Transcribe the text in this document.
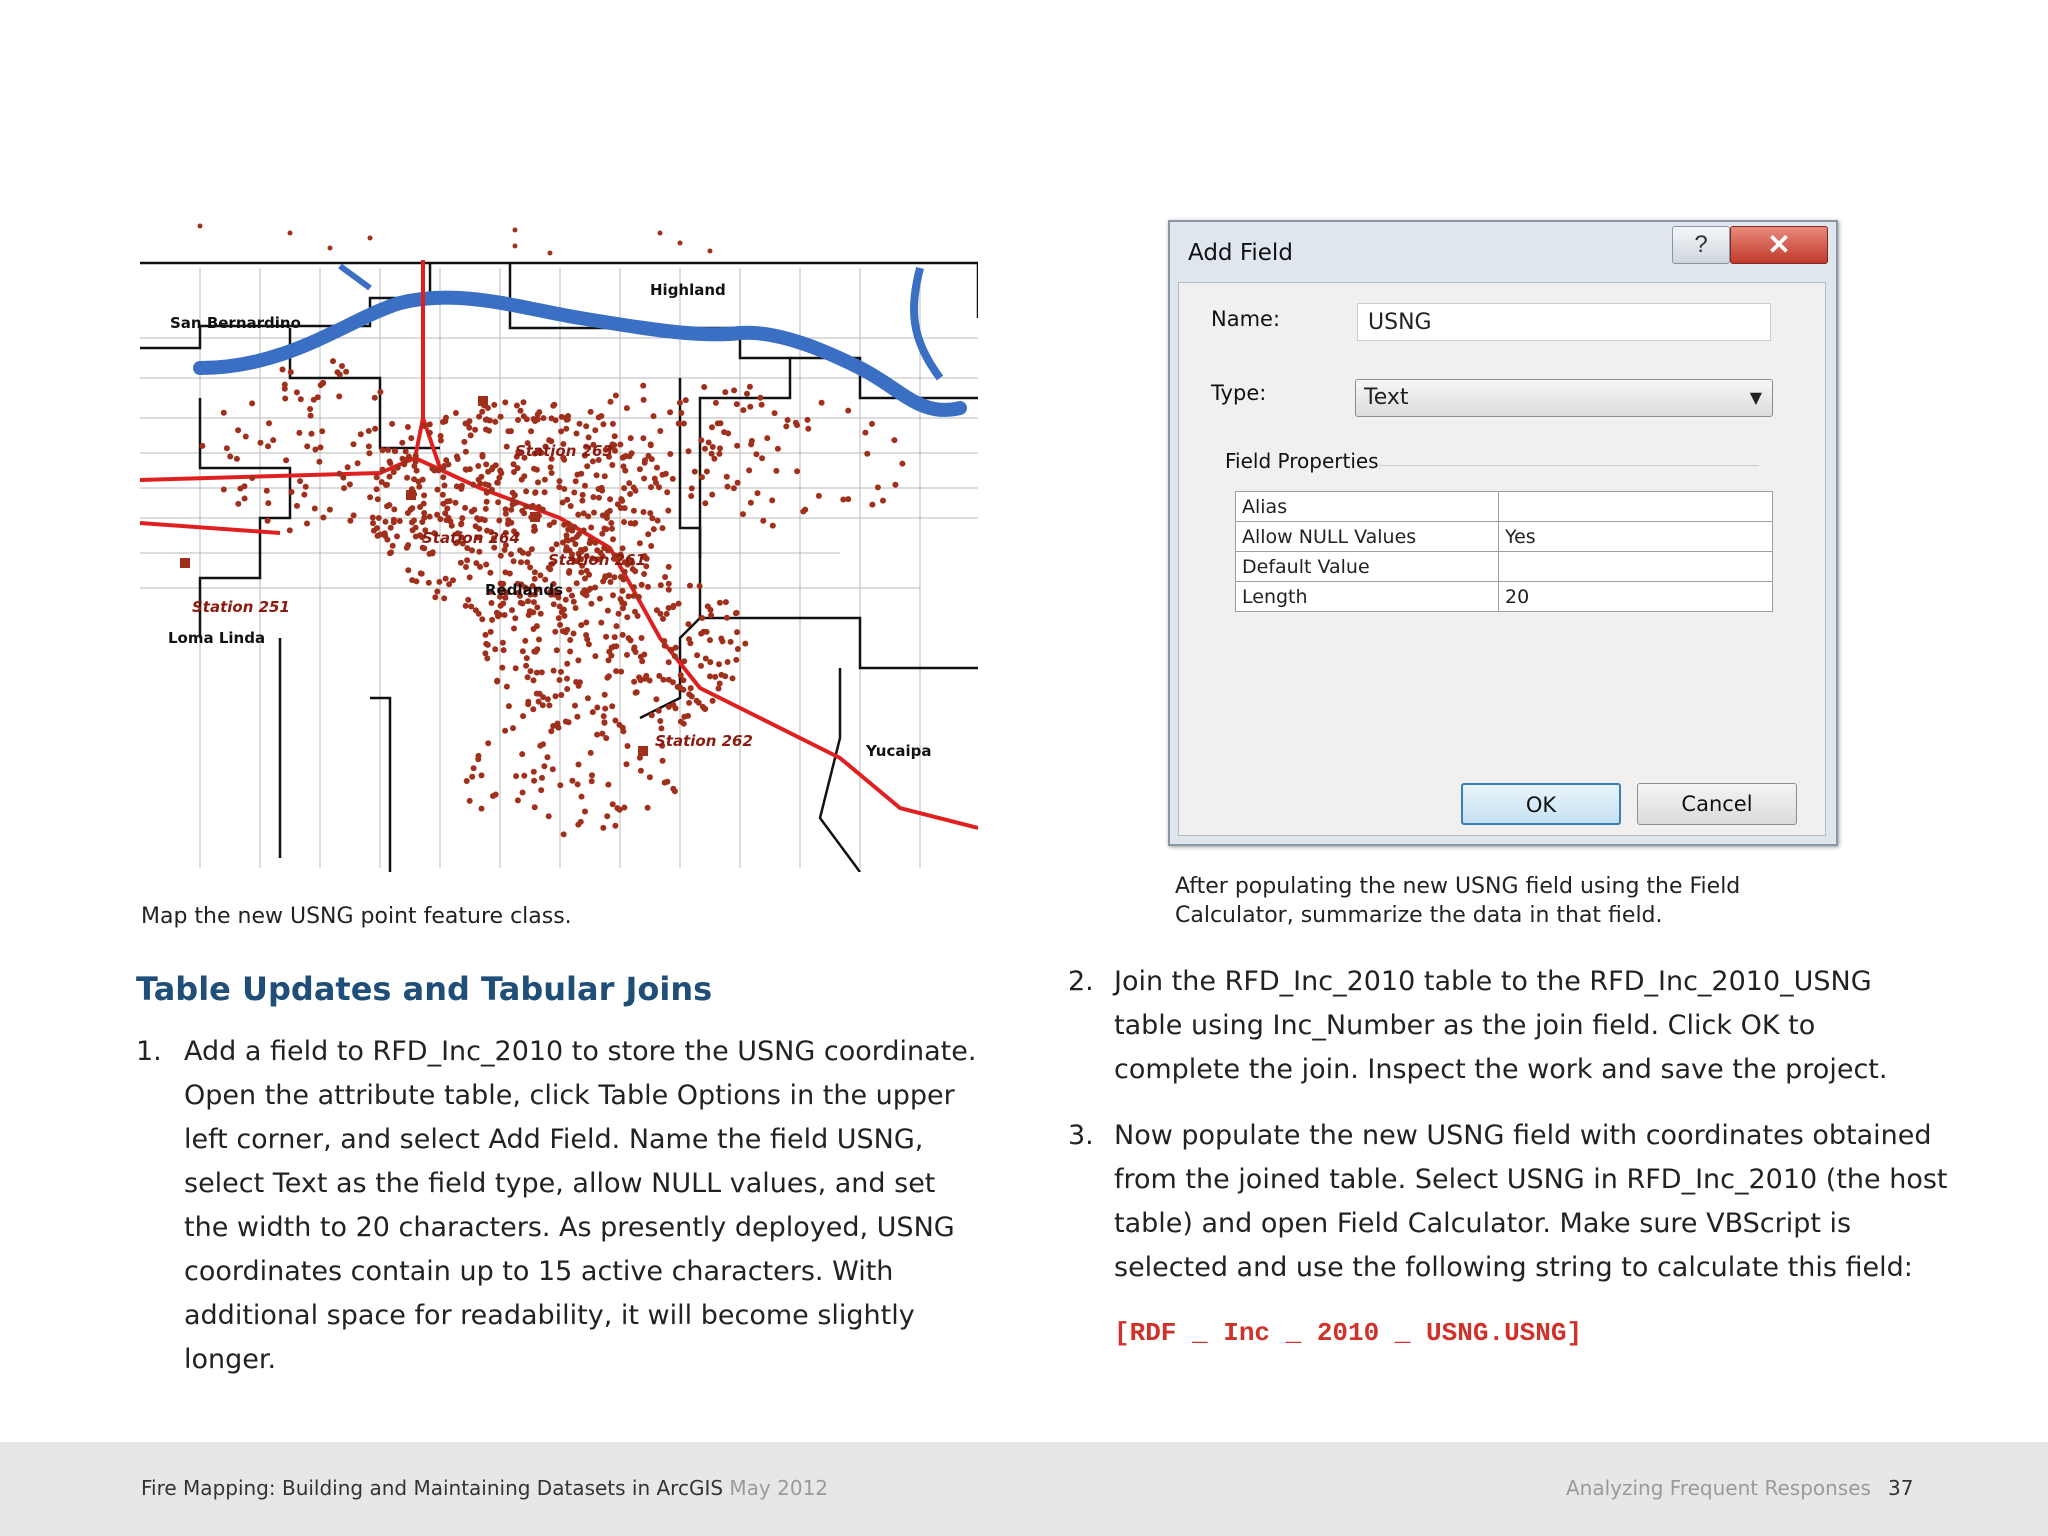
San Bernardino
Highland
Redlands
Loma Linda
Yucaipa
Station 263
Station 264
Station 261
Station 251
Station 262
Map the new USNG point feature class.
Add Field	?	✕
Name:	USNG
Type:	Text	▼
Field Properties
Alias	
Allow NULL Values	Yes
Default Value	
Length	20
OK	Cancel
After populating the new USNG field using the Field
Calculator, summarize the data in that field.
Table Updates and Tabular Joins
1. Add a field to RFD_Inc_2010 to store the USNG coordinate.
Open the attribute table, click Table Options in the upper
left corner, and select Add Field. Name the field USNG,
select Text as the field type, allow NULL values, and set
the width to 20 characters. As presently deployed, USNG
coordinates contain up to 15 active characters. With
additional space for readability, it will become slightly longer.
2. Join the RFD_Inc_2010 table to the RFD_Inc_2010_USNG
table using Inc_Number as the join field. Click OK to
complete the join. Inspect the work and save the project.
3. Now populate the new USNG field with coordinates obtained
from the joined table. Select USNG in RFD_Inc_2010 (the host
table) and open Field Calculator. Make sure VBScript is
selected and use the following string to calculate this field:
[RDF _ Inc _ 2010 _ USNG.USNG]
Fire Mapping: Building and Maintaining Datasets in ArcGIS May 2012	Analyzing Frequent Responses 37
